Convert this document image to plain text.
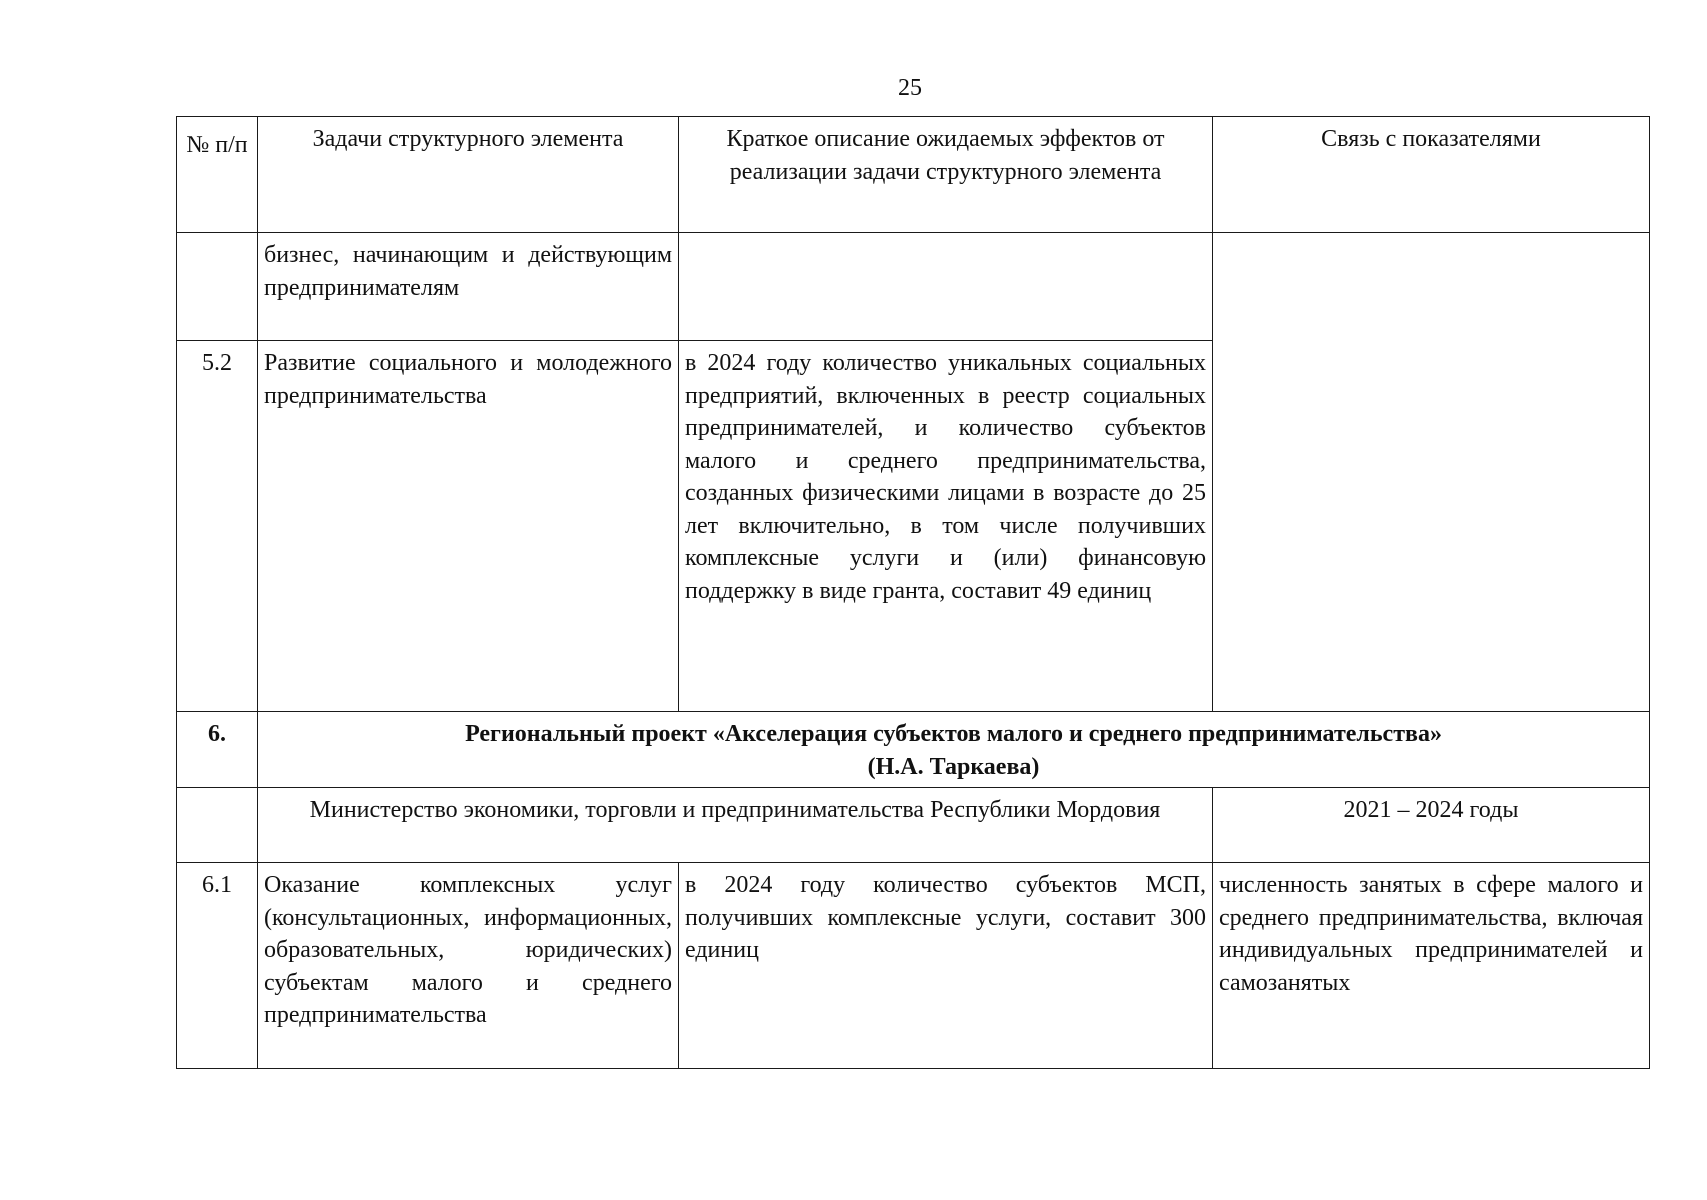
25
№ п/п	Задачи структурного элемента	Краткое описание ожидаемых эффектов от реализации задачи структурного элемента	Связь с показателями
	бизнес, начинающим и действующим предпринимателям		
5.2	Развитие социального и молодежного предпринимательства	в 2024 году количество уникальных социальных предприятий, включенных в реестр социальных предпринимателей, и количество субъектов малого и среднего предпринимательства, созданных физическими лицами в возрасте до 25 лет включительно, в том числе получивших комплексные услуги и (или) финансовую поддержку в виде гранта, составит 49 единиц	
6.	Региональный проект «Акселерация субъектов малого и среднего предпринимательства»
(Н.А. Таркаева)		

	Министерство экономики, торговли и предпринимательства Республики Мордовия		2021 – 2024 годы
6.1	Оказание комплексных услуг (консультационных, информационных, образовательных, юридических) субъектам малого и среднего предпринимательства	в 2024 году количество субъектов МСП, получивших комплексные услуги, составит 300 единиц	численность занятых в сфере малого и среднего предпринимательства, включая индивидуальных предпринимателей и самозанятых
